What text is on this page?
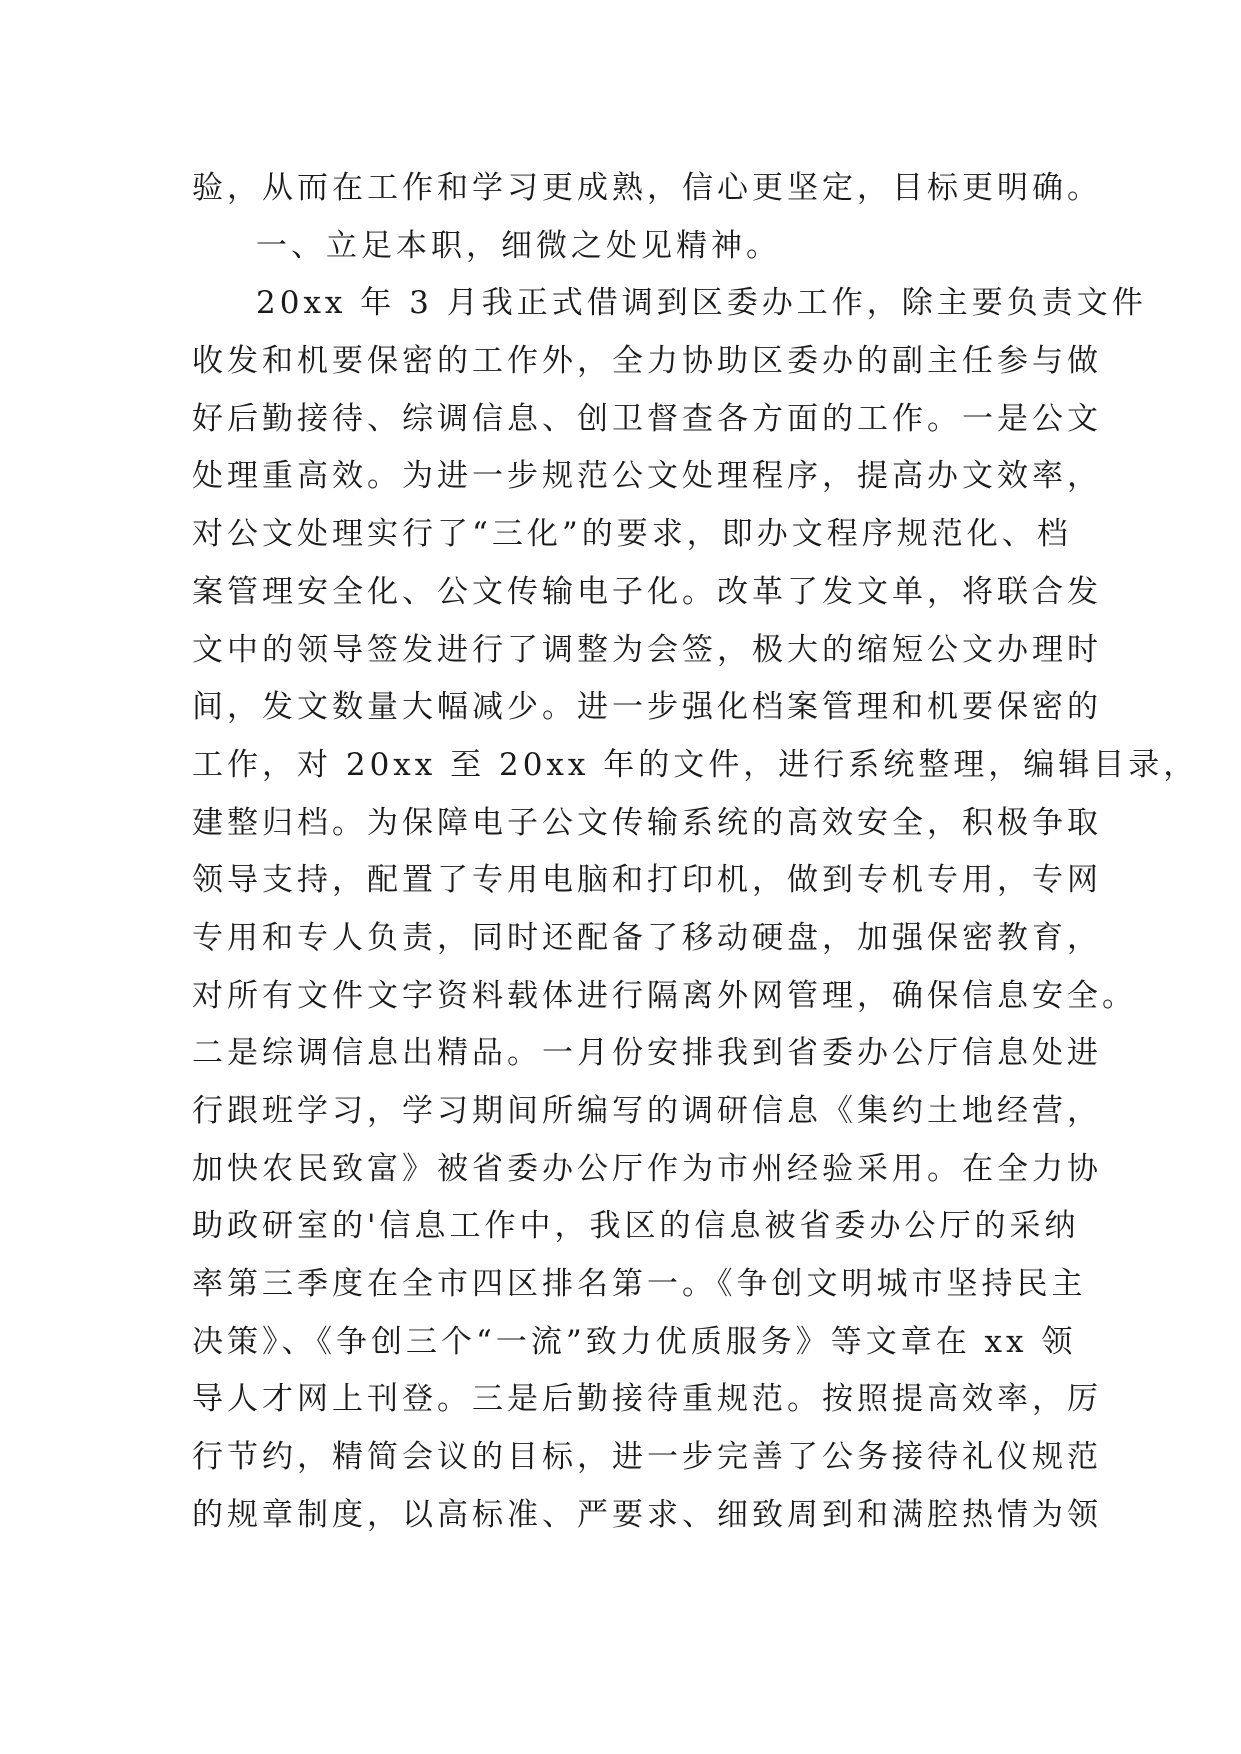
验，从而在工作和学习更成熟，信心更坚定，目标更明确。
一、立足本职，细微之处见精神。
20xx 年 3 月我正式借调到区委办工作，除主要负责文件
收发和机要保密的工作外，全力协助区委办的副主任参与做
好后勤接待、综调信息、创卫督查各方面的工作。一是公文
处理重高效。为进一步规范公文处理程序，提高办文效率，
对公文处理实行了“三化”的要求，即办文程序规范化、档
案管理安全化、公文传输电子化。改革了发文单，将联合发
文中的领导签发进行了调整为会签，极大的缩短公文办理时
间，发文数量大幅减少。进一步强化档案管理和机要保密的
工作，对 20xx 至 20xx 年的文件，进行系统整理，编辑目录，
建整归档。为保障电子公文传输系统的高效安全，积极争取
领导支持，配置了专用电脑和打印机，做到专机专用，专网
专用和专人负责，同时还配备了移动硬盘，加强保密教育，
对所有文件文字资料载体进行隔离外网管理，确保信息安全。
二是综调信息出精品。一月份安排我到省委办公厅信息处进
行跟班学习，学习期间所编写的调研信息《集约土地经营，
加快农民致富》被省委办公厅作为市州经验采用。在全力协
助政研室的'信息工作中，我区的信息被省委办公厅的采纳
率第三季度在全市四区排名第一。《争创文明城市坚持民主
决策》、《争创三个“一流”致力优质服务》等文章在 xx 领
导人才网上刊登。三是后勤接待重规范。按照提高效率，厉
行节约，精简会议的目标，进一步完善了公务接待礼仪规范
的规章制度，以高标准、严要求、细致周到和满腔热情为领
